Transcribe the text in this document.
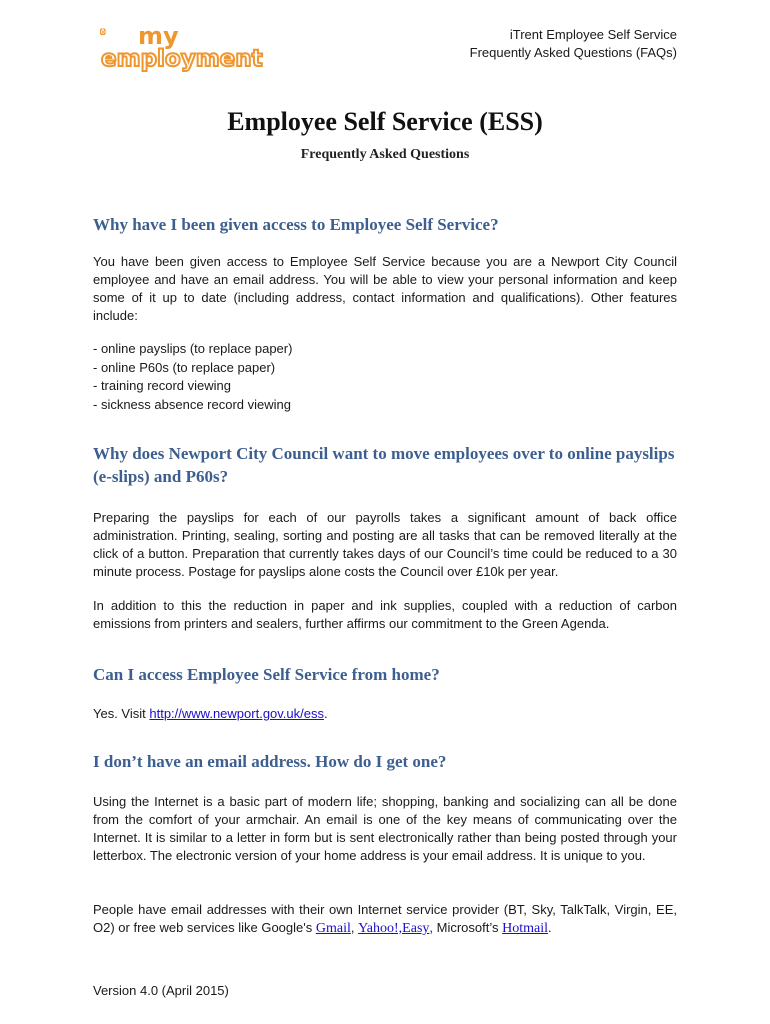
my
employment
iTrent Employee Self Service
Frequently Asked Questions (FAQs)
Employee Self Service (ESS)
Frequently Asked Questions
Why have I been given access to Employee Self Service?

You have been given access to Employee Self Service because you are a Newport City Council employee and have an email address. You will be able to view your personal information and keep some of it up to date (including address, contact information and qualifications). Other features include:

- online payslips (to replace paper)
- online P60s (to replace paper)
- training record viewing
- sickness absence record viewing
Why does Newport City Council want to move employees over to online payslips (e-slips) and P60s?

Preparing the payslips for each of our payrolls takes a significant amount of back office administration. Printing, sealing, sorting and posting are all tasks that can be removed literally at the click of a button. Preparation that currently takes days of our Council’s time could be reduced to a 30 minute process. Postage for payslips alone costs the Council over £10k per year.

In addition to this the reduction in paper and ink supplies, coupled with a reduction of carbon emissions from printers and sealers, further affirms our commitment to the Green Agenda.

Can I access Employee Self Service from home?

Yes. Visit http://www.newport.gov.uk/ess.

I don’t have an email address. How do I get one?

Using the Internet is a basic part of modern life; shopping, banking and socializing can all be done from the comfort of your armchair. An email is one of the key means of communicating over the Internet. It is similar to a letter in form but is sent electronically rather than being posted through your letterbox. The electronic version of your home address is your email address. It is unique to you.

People have email addresses with their own Internet service provider (BT, Sky, TalkTalk, Virgin, EE, O2) or free web services like Google's Gmail, Yahoo!,Easy, Microsoft’s Hotmail.

Version 4.0 (April 2015)
